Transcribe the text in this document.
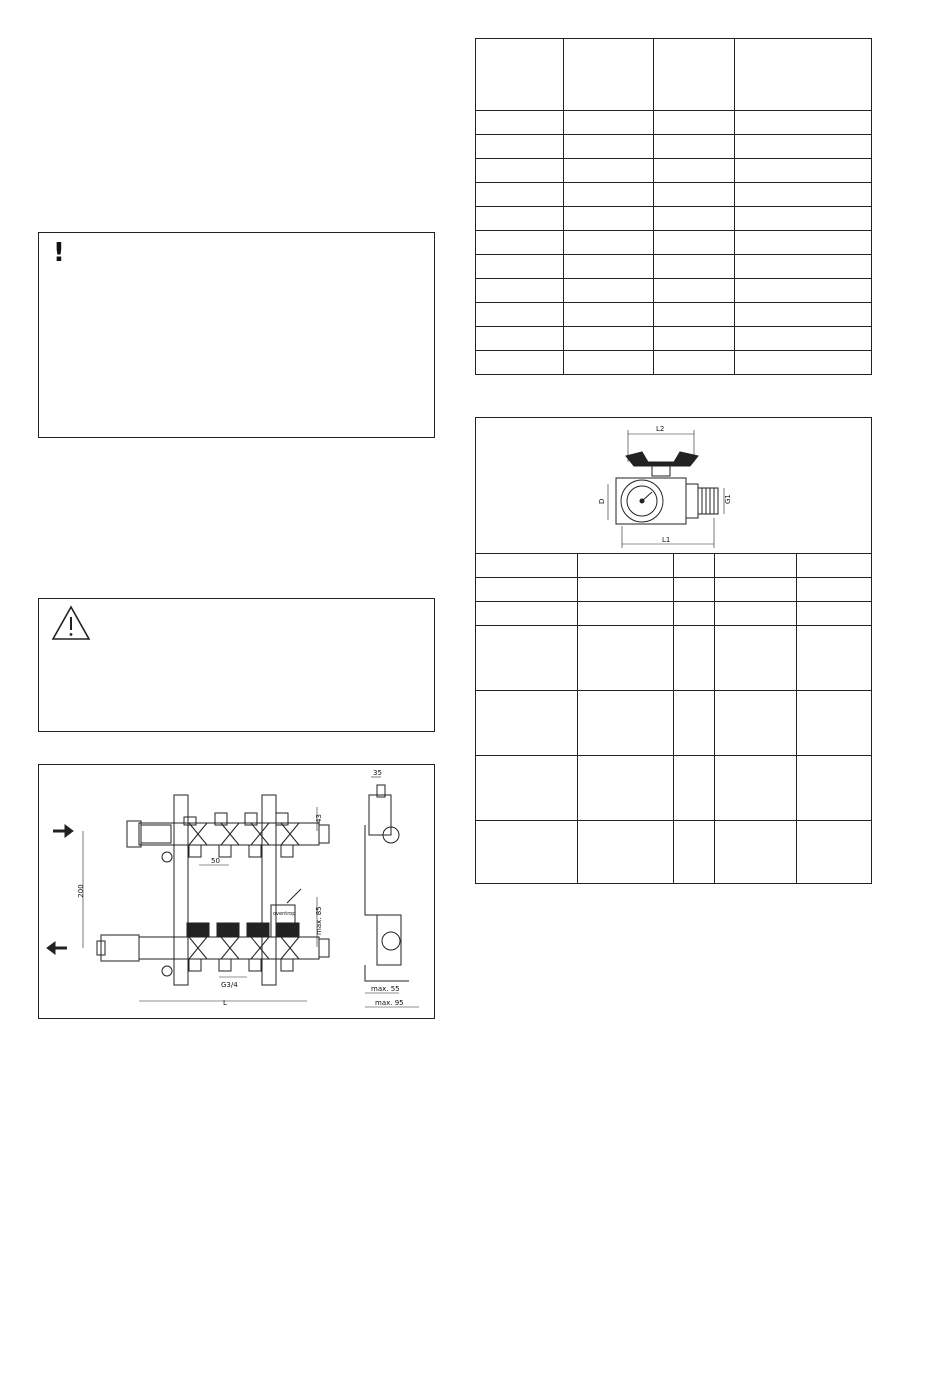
!
200
50
43
max. 85
G3/4
L
oventrop
35
max. 55
max. 95

L2
D	G1
L1
